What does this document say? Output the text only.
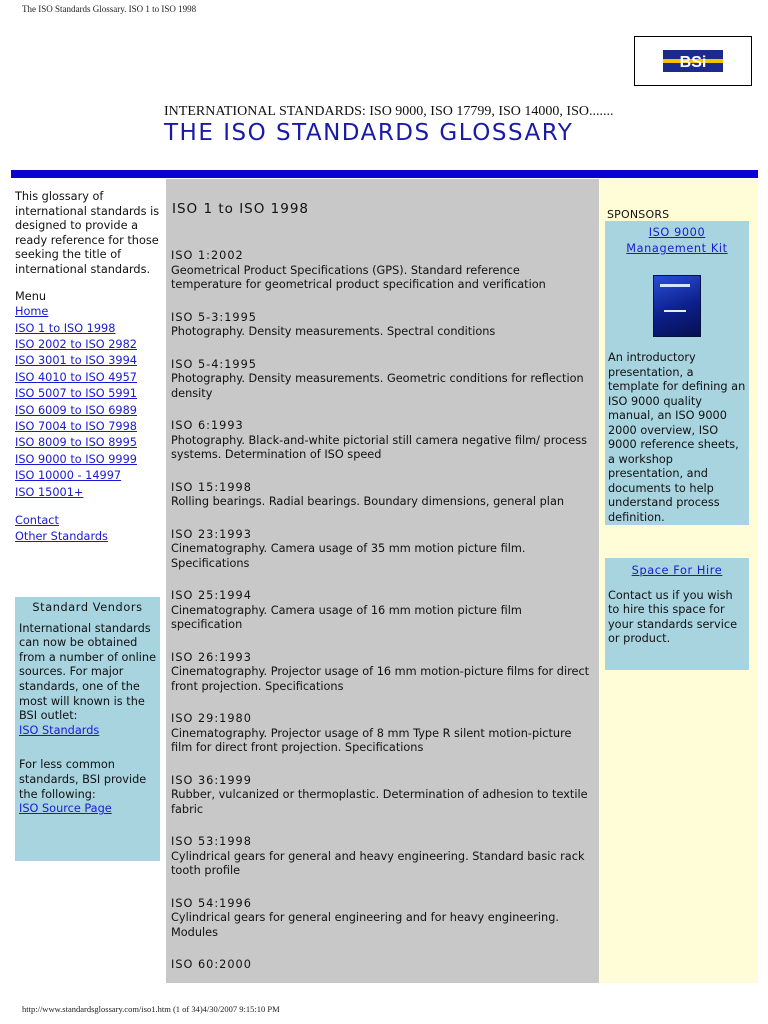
The ISO Standards Glossary. ISO 1 to ISO 1998
BSi
INTERNATIONAL STANDARDS: ISO 9000, ISO 17799, ISO 14000, ISO.......
THE ISO STANDARDS GLOSSARY

This glossary of international standards is designed to provide a ready reference for those seeking the title of international standards.

Menu

Home
ISO 1 to ISO 1998
ISO 2002 to ISO 2982
ISO 3001 to ISO 3994
ISO 4010 to ISO 4957
ISO 5007 to ISO 5991
ISO 6009 to ISO 6989
ISO 7004 to ISO 7998
ISO 8009 to ISO 8995
ISO 9000 to ISO 9999
ISO 10000 - 14997
ISO 15001+
Contact
Other Standards
Standard Vendors

International standards can now be obtained from a number of online sources. For major standards, one of the most will known is the BSI outlet:

ISO Standards

For less common standards, BSI provide the following:

ISO Source Page
ISO 1 to ISO 1998
ISO 1:2002
Geometrical Product Specifications (GPS). Standard reference temperature for geometrical product specification and verification
ISO 5-3:1995
Photography. Density measurements. Spectral conditions
ISO 5-4:1995
Photography. Density measurements. Geometric conditions for reflection density
ISO 6:1993
Photography. Black-and-white pictorial still camera negative film/ process systems. Determination of ISO speed
ISO 15:1998
Rolling bearings. Radial bearings. Boundary dimensions, general plan
ISO 23:1993
Cinematography. Camera usage of 35 mm motion picture film. Specifications
ISO 25:1994
Cinematography. Camera usage of 16 mm motion picture film specification
ISO 26:1993
Cinematography. Projector usage of 16 mm motion-picture films for direct front projection. Specifications
ISO 29:1980
Cinematography. Projector usage of 8 mm Type R silent motion-picture film for direct front projection. Specifications
ISO 36:1999
Rubber, vulcanized or thermoplastic. Determination of adhesion to textile fabric
ISO 53:1998
Cylindrical gears for general and heavy engineering. Standard basic rack tooth profile
ISO 54:1996
Cylindrical gears for general engineering and for heavy engineering. Modules
ISO 60:2000
SPONSORS
ISO 9000 Management Kit

An introductory presentation, a template for defining an ISO 9000 quality manual, an ISO 9000 2000 overview, ISO 9000 reference sheets, a workshop presentation, and documents to help understand process definition.

Space For Hire

Contact us if you wish to hire this space for your standards service or product.

http://www.standardsglossary.com/iso1.htm (1 of 34)4/30/2007 9:15:10 PM
